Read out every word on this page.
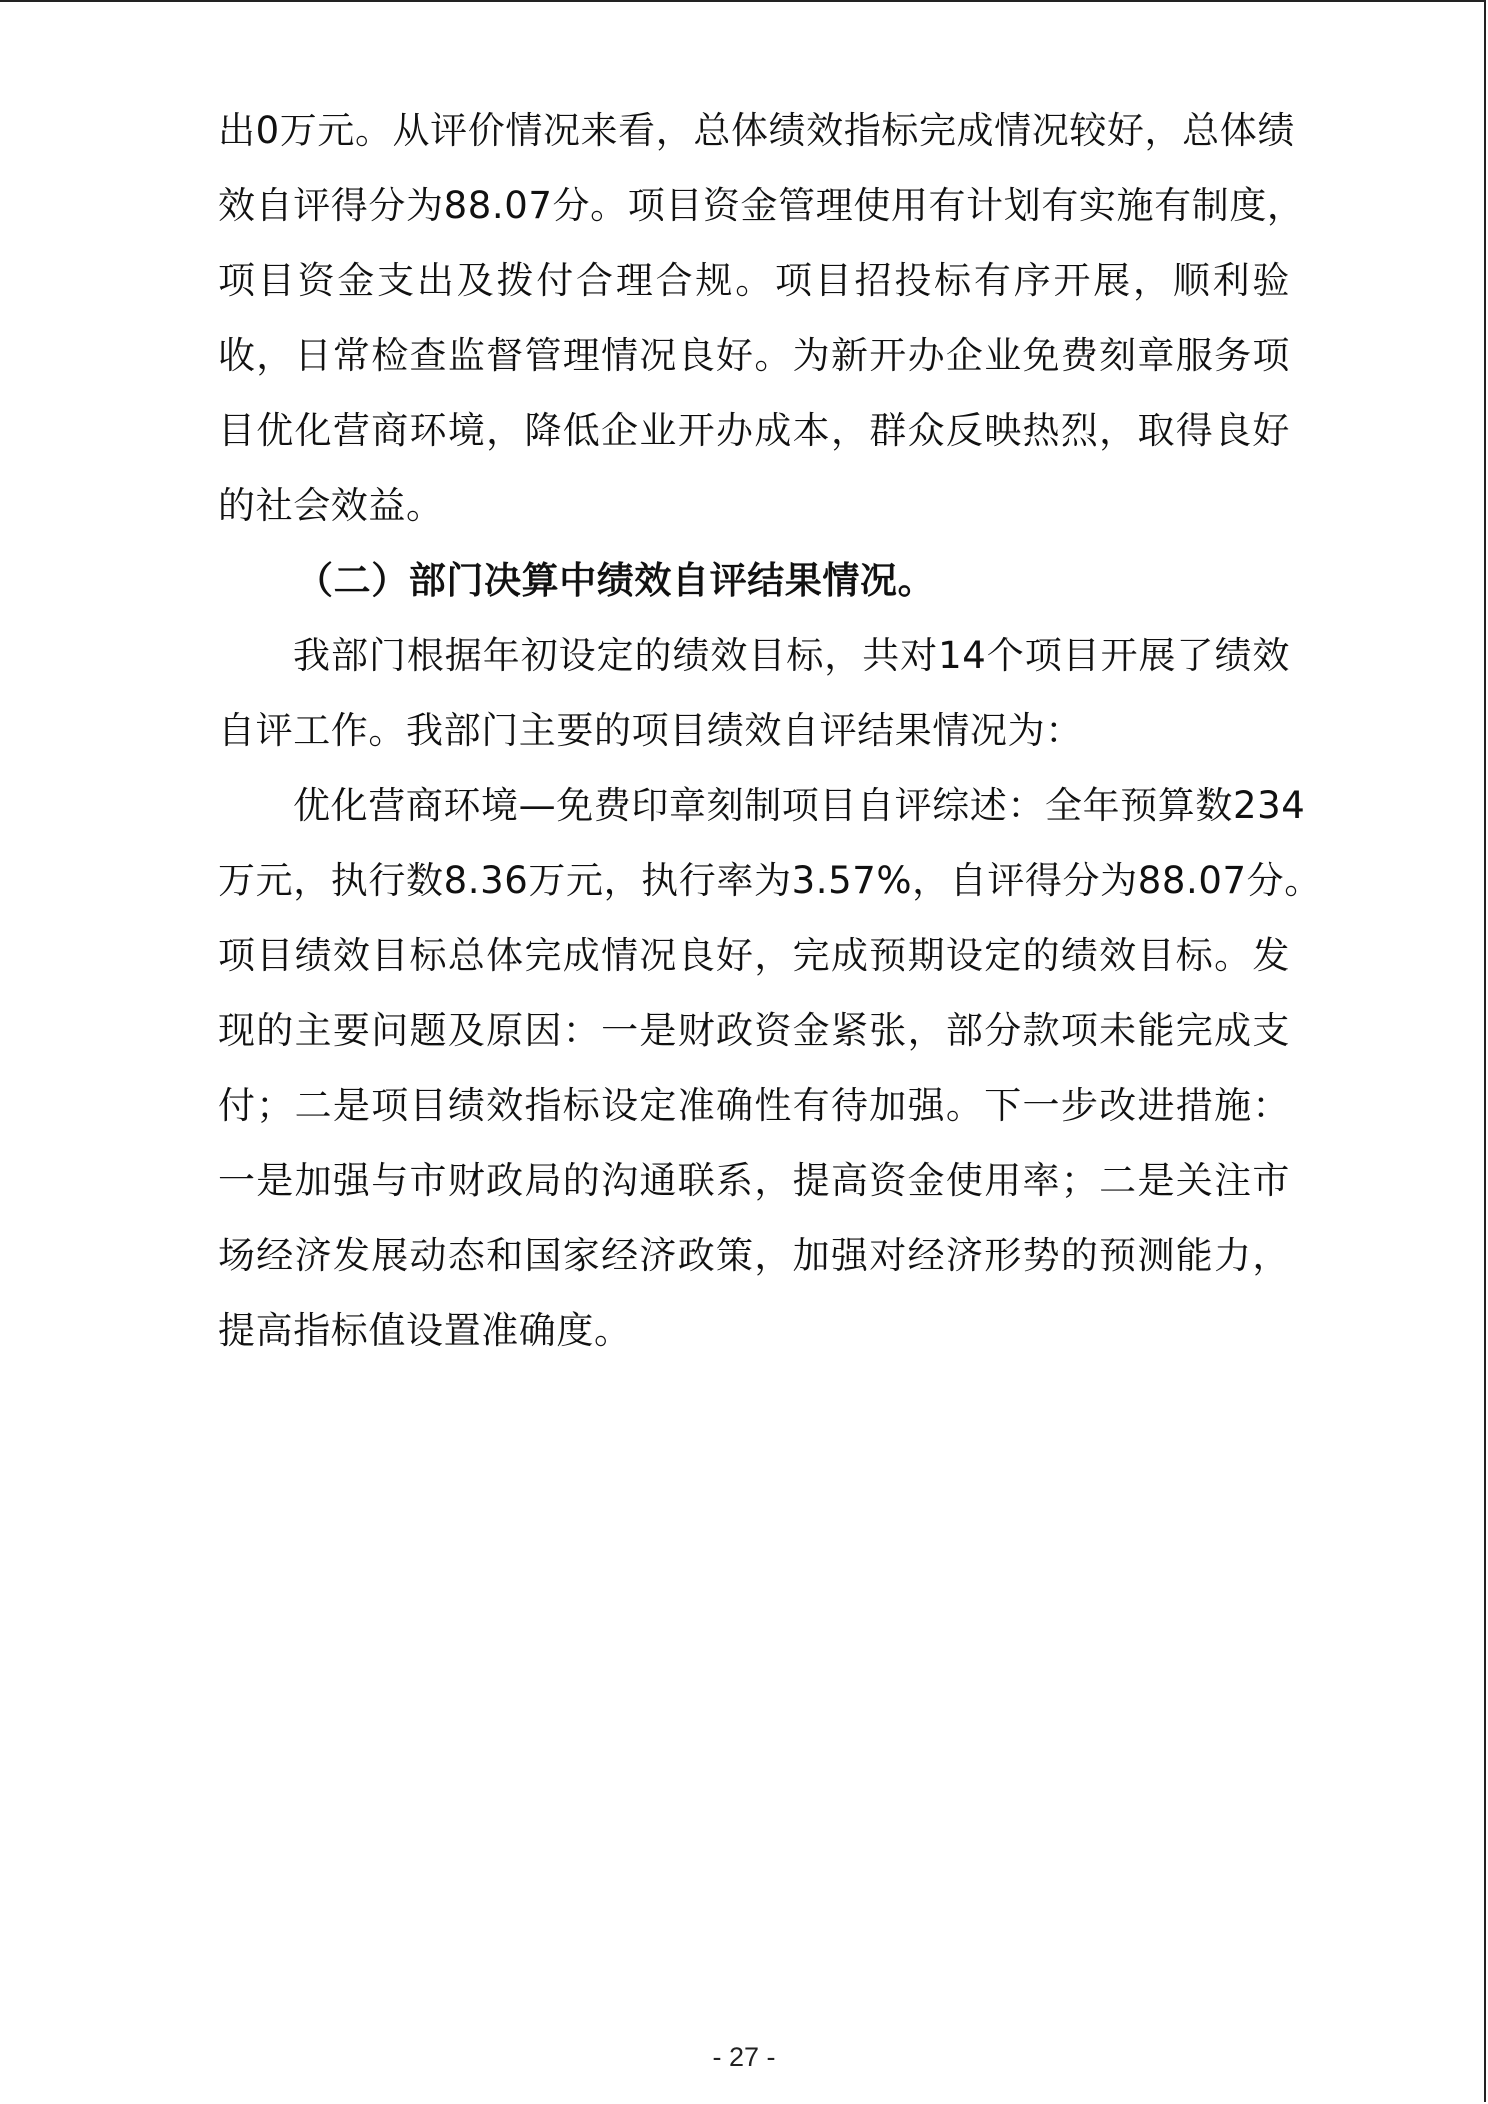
出0万元。从评价情况来看，总体绩效指标完成情况较好，总体绩
效自评得分为88.07分。项目资金管理使用有计划有实施有制度，
项目资金支出及拨付合理合规。项目招投标有序开展，顺利验
收，日常检查监督管理情况良好。为新开办企业免费刻章服务项
目优化营商环境，降低企业开办成本，群众反映热烈，取得良好
的社会效益。
（二）部门决算中绩效自评结果情况。
我部门根据年初设定的绩效目标，共对14个项目开展了绩效
自评工作。我部门主要的项目绩效自评结果情况为：
优化营商环境—免费印章刻制项目自评综述：全年预算数234
万元，执行数8.36万元，执行率为3.57%，自评得分为88.07分。
项目绩效目标总体完成情况良好，完成预期设定的绩效目标。发
现的主要问题及原因：一是财政资金紧张，部分款项未能完成支
付；二是项目绩效指标设定准确性有待加强。下一步改进措施：
一是加强与市财政局的沟通联系，提高资金使用率；二是关注市
场经济发展动态和国家经济政策，加强对经济形势的预测能力，
提高指标值设置准确度。
- 27 -
